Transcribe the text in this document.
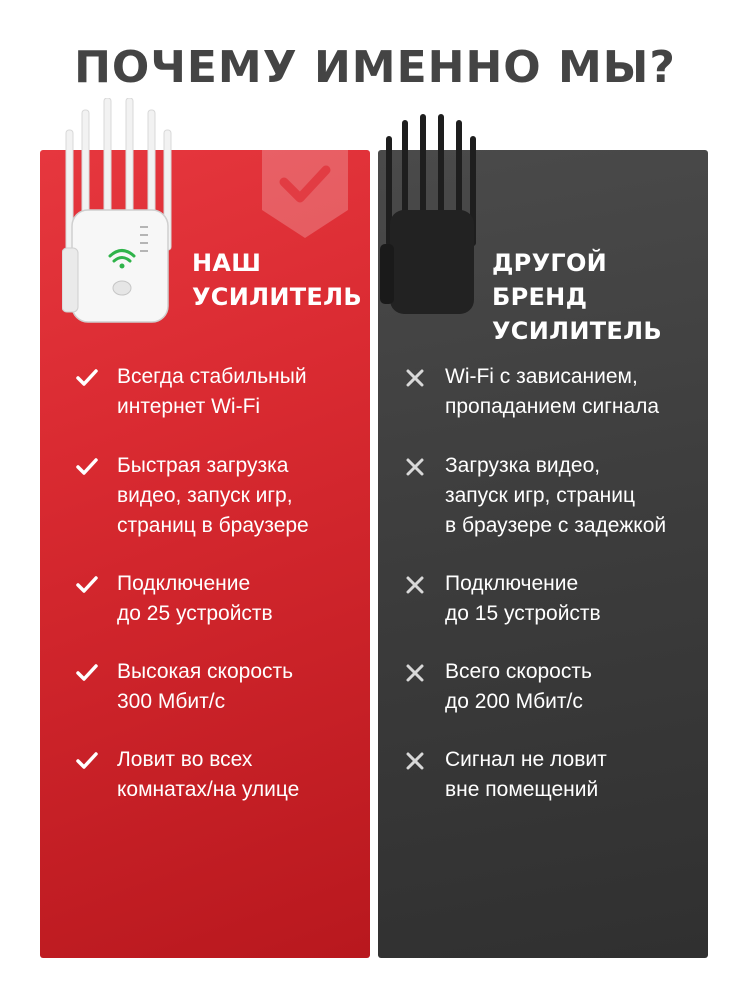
ПОЧЕМУ ИМЕННО МЫ?
НАШ
УСИЛИТЕЛЬ
Всегда стабильный
интернет Wi-Fi
Быстрая загрузка
видео, запуск игр,
страниц в браузере
Подключение
до 25 устройств
Высокая скорость
300 Мбит/с
Ловит во всех
комнатах/на улице
ДРУГОЙ БРЕНД
УСИЛИТЕЛЬ
Wi-Fi с зависанием,
пропаданием сигнала
Загрузка видео,
запуск игр, страниц
в браузере с задежкой
Подключение
до 15 устройств
Всего скорость
до 200 Мбит/с
Сигнал не ловит
вне помещений
